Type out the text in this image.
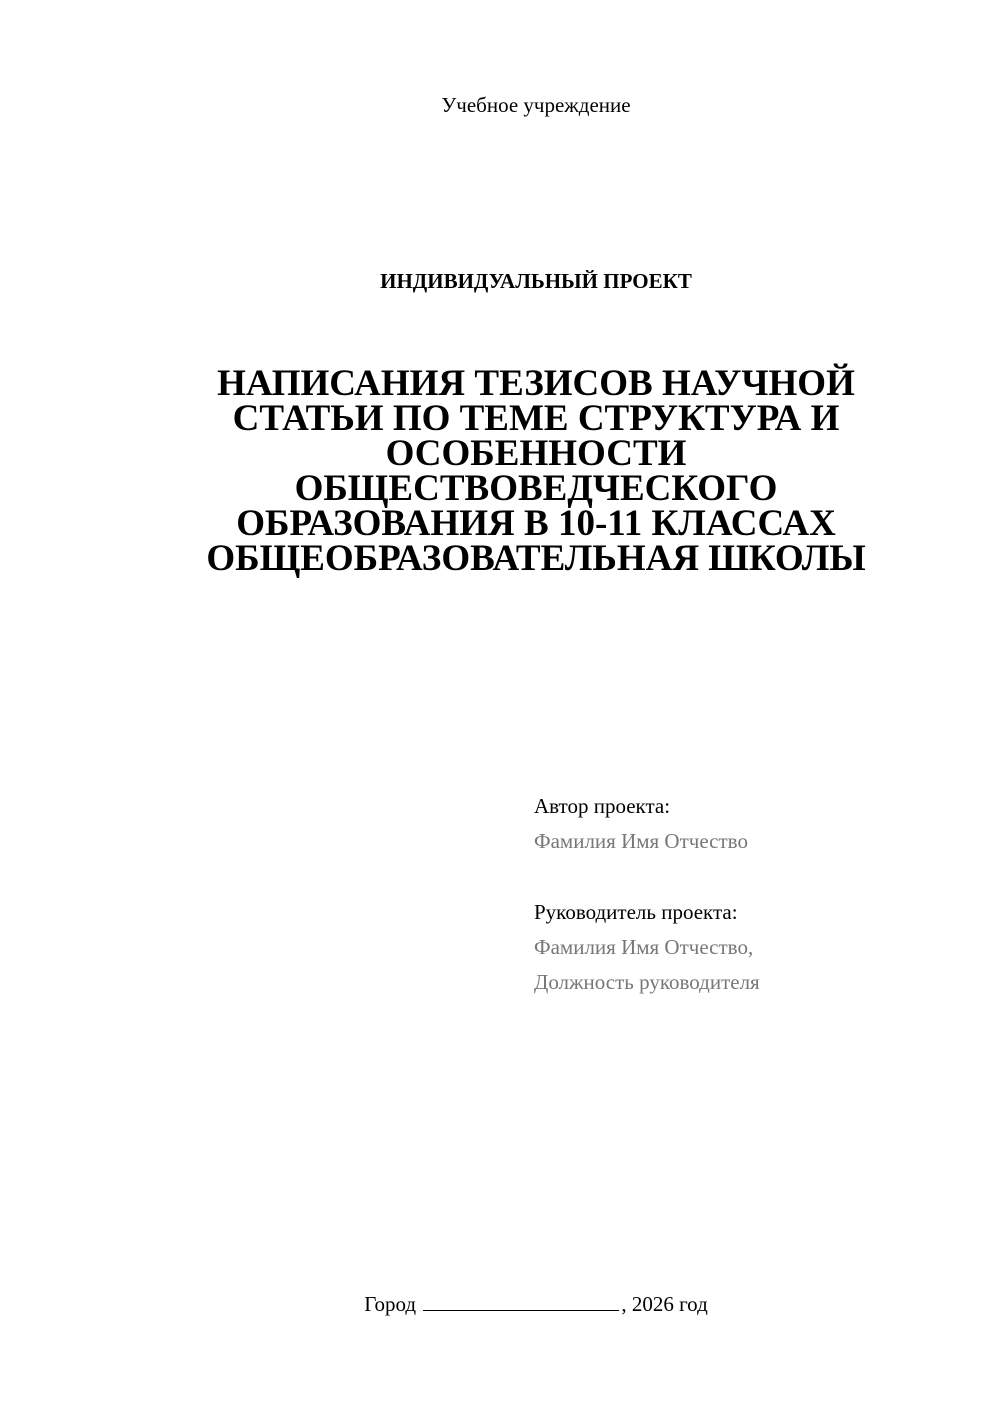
Учебное учреждение
ИНДИВИДУАЛЬНЫЙ ПРОЕКТ
НАПИСАНИЯ ТЕЗИСОВ НАУЧНОЙ
СТАТЬИ ПО ТЕМЕ СТРУКТУРА И
ОСОБЕННОСТИ
ОБЩЕСТВОВЕДЧЕСКОГО
ОБРАЗОВАНИЯ В 10-11 КЛАССАХ
ОБЩЕОБРАЗОВАТЕЛЬНАЯ ШКОЛЫ
Автор проекта:
Фамилия Имя Отчество
Руководитель проекта:
Фамилия Имя Отчество,
Должность руководителя
Город	, 2026 год
